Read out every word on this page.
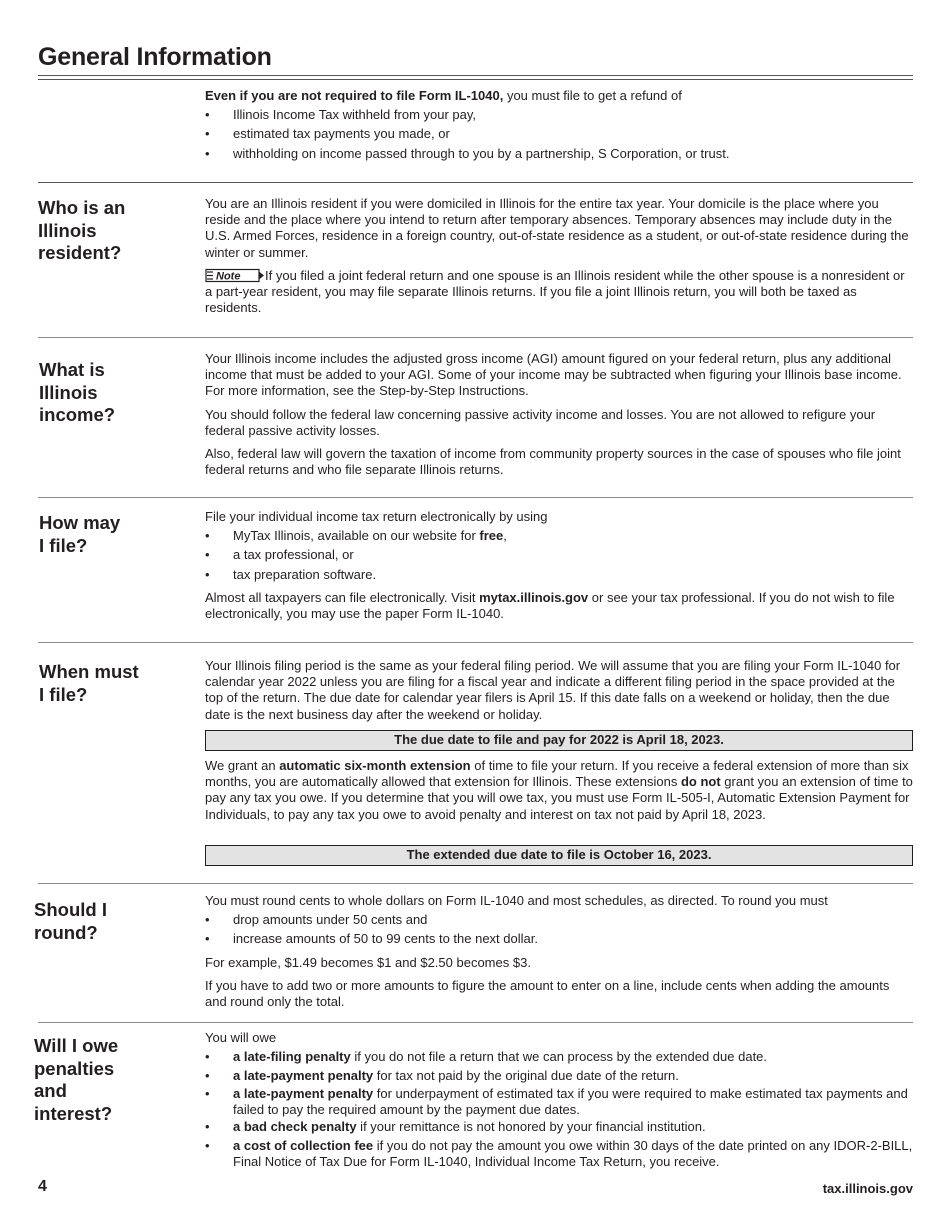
General Information

Even if you are not required to file Form IL-1040, you must file to get a refund of

• Illinois Income Tax withheld from your pay,
• estimated tax payments you made, or
• withholding on income passed through to you by a partnership, S Corporation, or trust.
Who is an
Illinois
resident?

You are an Illinois resident if you were domiciled in Illinois for the entire tax year. Your domicile is the place where you reside and the place where you intend to return after temporary absences. Temporary absences may include duty in the U.S. Armed Forces, residence in a foreign country, out-of-state residence as a student, or out-of-state residence during the winter or summer.

Note If you filed a joint federal return and one spouse is an Illinois resident while the other spouse is a nonresident or a part-year resident, you may file separate Illinois returns. If you file a joint Illinois return, you will both be taxed as residents.

What is
Illinois
income?

Your Illinois income includes the adjusted gross income (AGI) amount figured on your federal return, plus any additional income that must be added to your AGI. Some of your income may be subtracted when figuring your Illinois base income. For more information, see the Step-by-Step Instructions.

You should follow the federal law concerning passive activity income and losses. You are not allowed to refigure your federal passive activity losses.

Also, federal law will govern the taxation of income from community property sources in the case of spouses who file joint federal returns and who file separate Illinois returns.

How may
I file?

File your individual income tax return electronically by using

• MyTax Illinois, available on our website for free,
• a tax professional, or
• tax preparation software.

Almost all taxpayers can file electronically. Visit mytax.illinois.gov or see your tax professional. If you do not wish to file electronically, you may use the paper Form IL-1040.

When must
I file?

Your Illinois filing period is the same as your federal filing period. We will assume that you are filing your Form IL-1040 for calendar year 2022 unless you are filing for a fiscal year and indicate a different filing period in the space provided at the top of the return. The due date for calendar year filers is April 15. If this date falls on a weekend or holiday, then the due date is the next business day after the weekend or holiday.

The due date to file and pay for 2022 is April 18, 2023.

We grant an automatic six-month extension of time to file your return. If you receive a federal extension of more than six months, you are automatically allowed that extension for Illinois. These extensions do not grant you an extension of time to pay any tax you owe. If you determine that you will owe tax, you must use Form IL-505-I, Automatic Extension Payment for Individuals, to pay any tax you owe to avoid penalty and interest on tax not paid by April 18, 2023.

The extended due date to file is October 16, 2023.
Should I
round?

You must round cents to whole dollars on Form IL-1040 and most schedules, as directed. To round you must

• drop amounts under 50 cents and
• increase amounts of 50 to 99 cents to the next dollar.

For example, $1.49 becomes $1 and $2.50 becomes $3.

If you have to add two or more amounts to figure the amount to enter on a line, include cents when adding the amounts and round only the total.

Will I owe
penalties
and
interest?

You will owe

• a late-filing penalty if you do not file a return that we can process by the extended due date.
• a late-payment penalty for tax not paid by the original due date of the return.
• a late-payment penalty for underpayment of estimated tax if you were required to make estimated tax payments and failed to pay the required amount by the payment due dates.
• a bad check penalty if your remittance is not honored by your financial institution.
• a cost of collection fee if you do not pay the amount you owe within 30 days of the date printed on any IDOR-2-BILL, Final Notice of Tax Due for Form IL-1040, Individual Income Tax Return, you receive.
4	tax.illinois.gov
